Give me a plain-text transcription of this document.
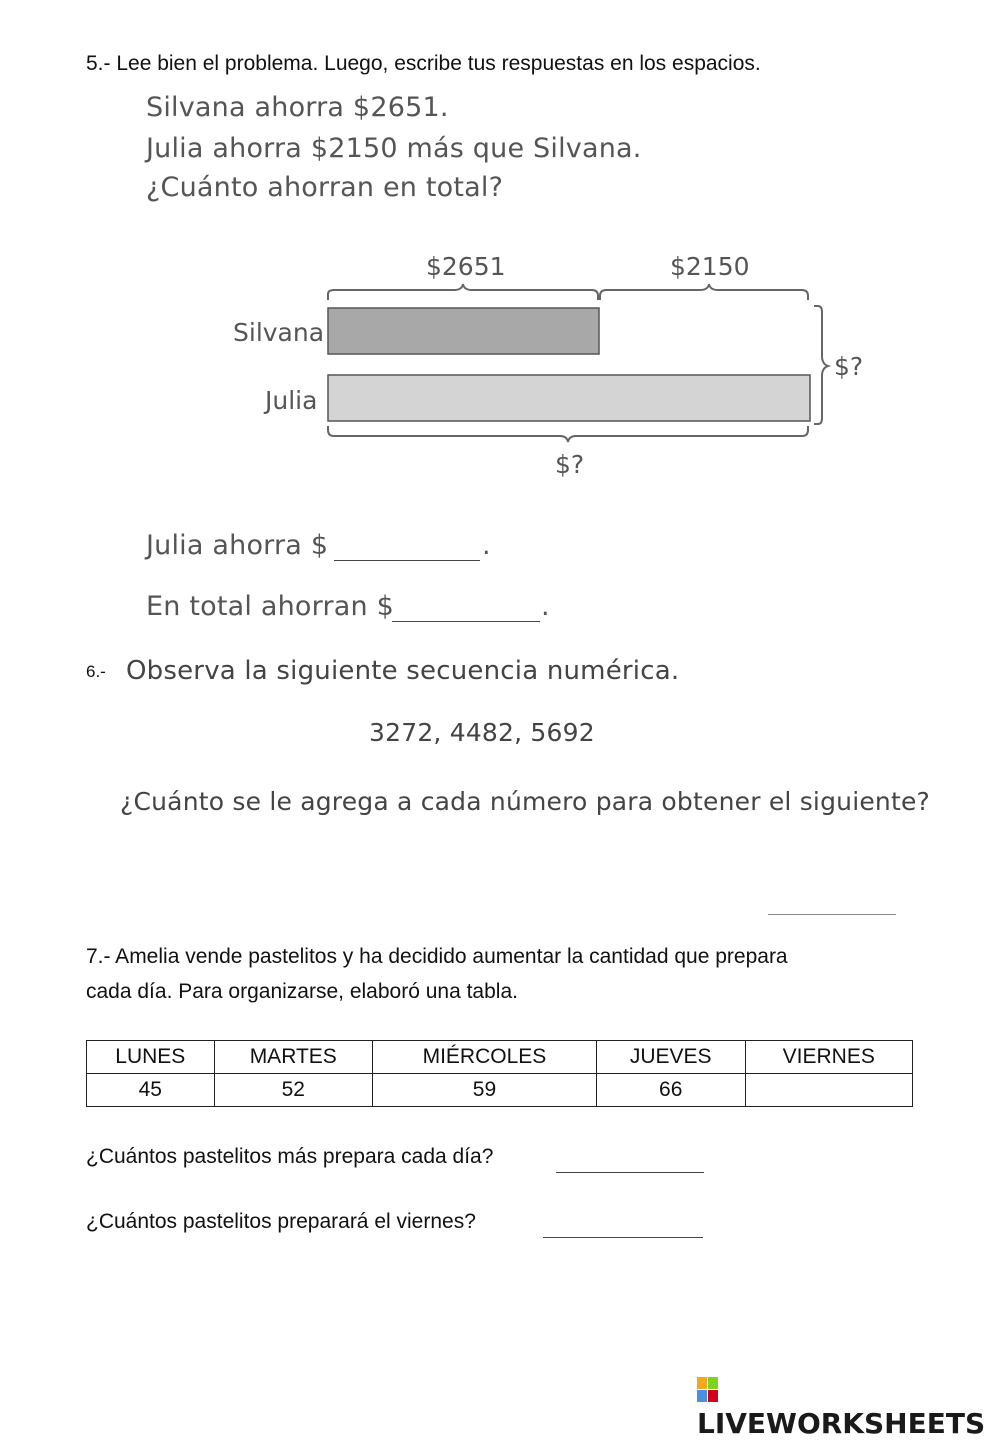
5.- Lee bien el problema. Luego, escribe tus respuestas en los espacios.
Silvana ahorra $2651.
Julia ahorra $2150 más que Silvana.
¿Cuánto ahorran en total?
$2651	$2150
Silvana
Julia
$?
$?
Julia ahorra $	.
En total ahorran $	.
6.- Observa la siguiente secuencia numérica.
3272, 4482, 5692
¿Cuánto se le agrega a cada número para obtener el siguiente?
7.- Amelia vende pastelitos y ha decidido aumentar la cantidad que prepara
cada día. Para organizarse, elaboró una tabla.
LUNES	MARTES	MIÉRCOLES	JUEVES	VIERNES
45	52	59	66	
¿Cuántos pastelitos más prepara cada día?
¿Cuántos pastelitos preparará el viernes?
LIVEWORKSHEETS
